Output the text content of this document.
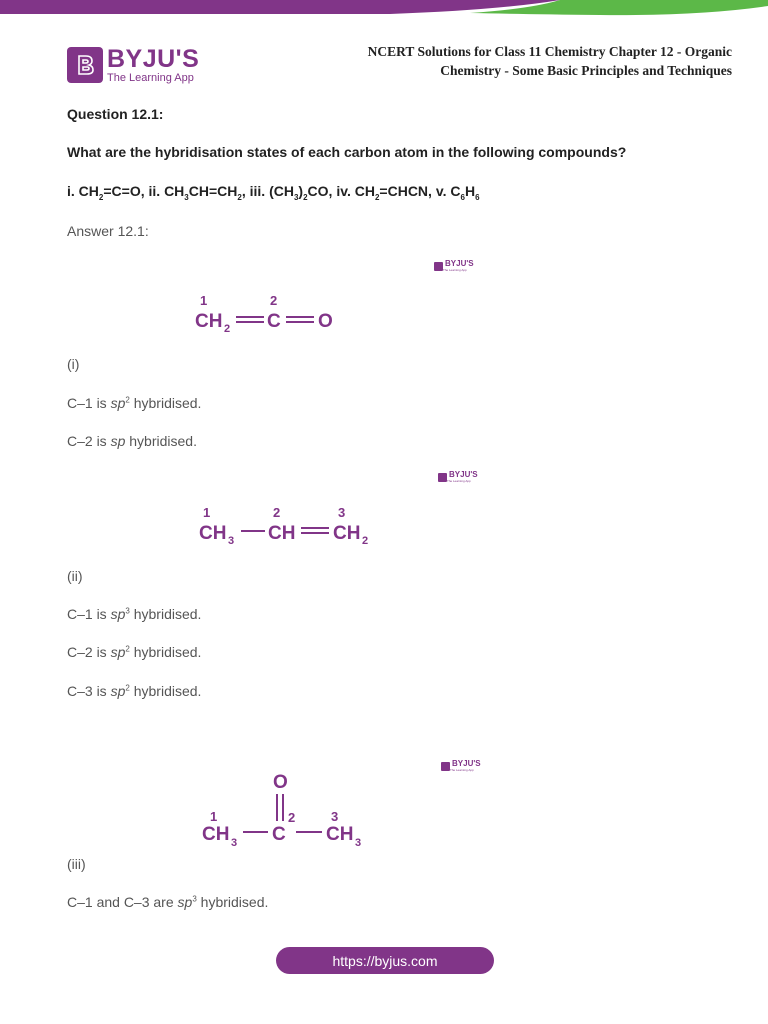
BYJU'S
The Learning App
NCERT Solutions for Class 11 Chemistry Chapter 12 - Organic Chemistry - Some Basic Principles and Techniques
Question 12.1:
What are the hybridisation states of each carbon atom in the following compounds?
i. $CH_2=C=O$, ii. $CH_3CH=CH_2$, iii. $(CH_3)_2CO$, iv. $CH_2=CHCN$, v. $C_6H_6$
Answer 12.1:
BYJU'S
The Learning App
1	2
CH 2 C O
(i)
C–1 is $sp^2$ hybridised.
C–2 is sp hybridised.
BYJU'S
The Learning App
1	2	3
CH 3 CH CH 2
(ii)
C–1 is $sp^3$ hybridised.
C–2 is $sp^2$ hybridised.
C–3 is $sp^2$ hybridised.
BYJU'S
The Learning App
O
1	2	3
CH 3 C CH 3
(iii)
C–1 and C–3 are $sp^3$ hybridised.
https://byjus.com
